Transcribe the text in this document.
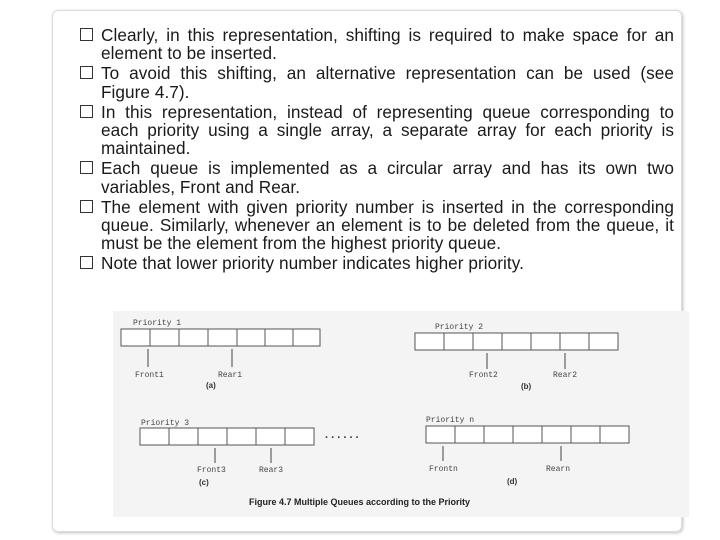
Clearly, in this representation, shifting is required to make space for an element to be inserted.
To avoid this shifting, an alternative representation can be used (see Figure 4.7).
In this representation, instead of representing queue corresponding to each priority using a single array, a separate array for each priority is maintained.
Each queue is implemented as a circular array and has its own two variables, Front and Rear.
The element with given priority number is inserted in the corresponding queue. Similarly, whenever an element is to be deleted from the queue, it must be the element from the highest priority queue.
Note that lower priority number indicates higher priority.
Priority 1
Front1	Rear1
(a)
Priority 2
Front2	Rear2
(b)
. . . . . .
Priority 3
Front3	Rear3
(c)
Priority n
Frontn	Rearn
(d)
Figure 4.7 Multiple Queues according to the Priority
